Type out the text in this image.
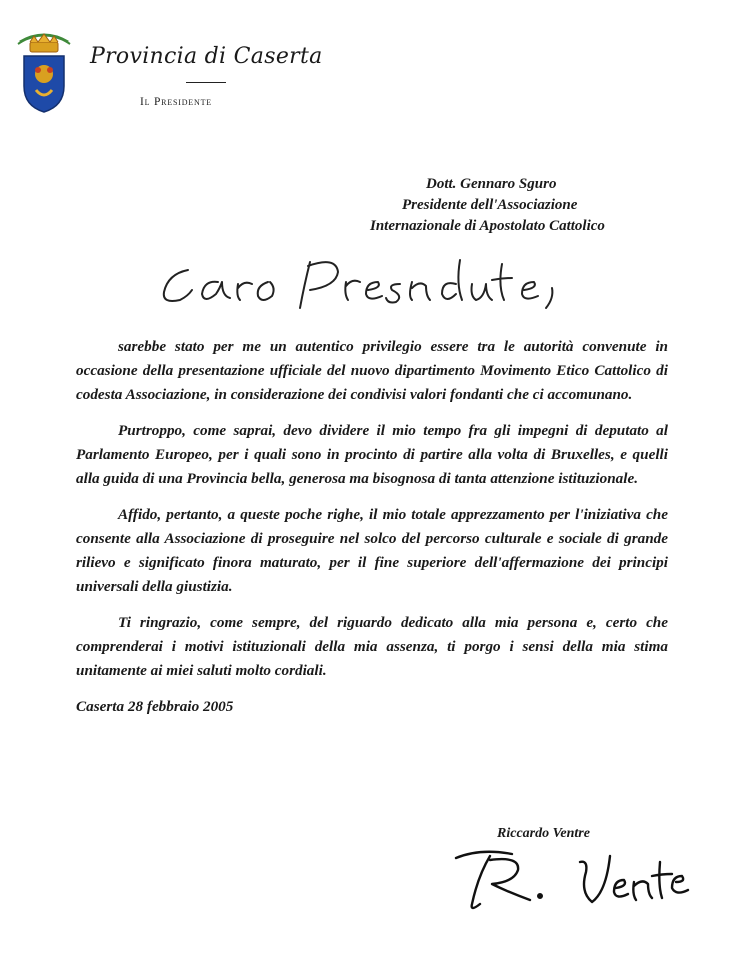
Provincia di Caserta
Il Presidente
Dott. Gennaro Sguro
Presidente dell'Associazione
Internazionale di Apostolato Cattolico

sarebbe stato per me un autentico privilegio essere tra le autorità convenute in occasione della presentazione ufficiale del nuovo dipartimento Movimento Etico Cattolico di codesta Associazione, in considerazione dei condivisi valori fondanti che ci accomunano.

Purtroppo, come saprai, devo dividere il mio tempo fra gli impegni di deputato al Parlamento Europeo, per i quali sono in procinto di partire alla volta di Bruxelles, e quelli alla guida di una Provincia bella, generosa ma bisognosa di tanta attenzione istituzionale.

Affido, pertanto, a queste poche righe, il mio totale apprezzamento per l'iniziativa che consente alla Associazione di proseguire nel solco del percorso culturale e sociale di grande rilievo e significato finora maturato, per il fine superiore dell'affermazione dei principi universali della giustizia.

Ti ringrazio, come sempre, del riguardo dedicato alla mia persona e, certo che comprenderai i motivi istituzionali della mia assenza, ti porgo i sensi della mia stima unitamente ai miei saluti molto cordiali.

Caserta 28 febbraio 2005

Riccardo Ventre
